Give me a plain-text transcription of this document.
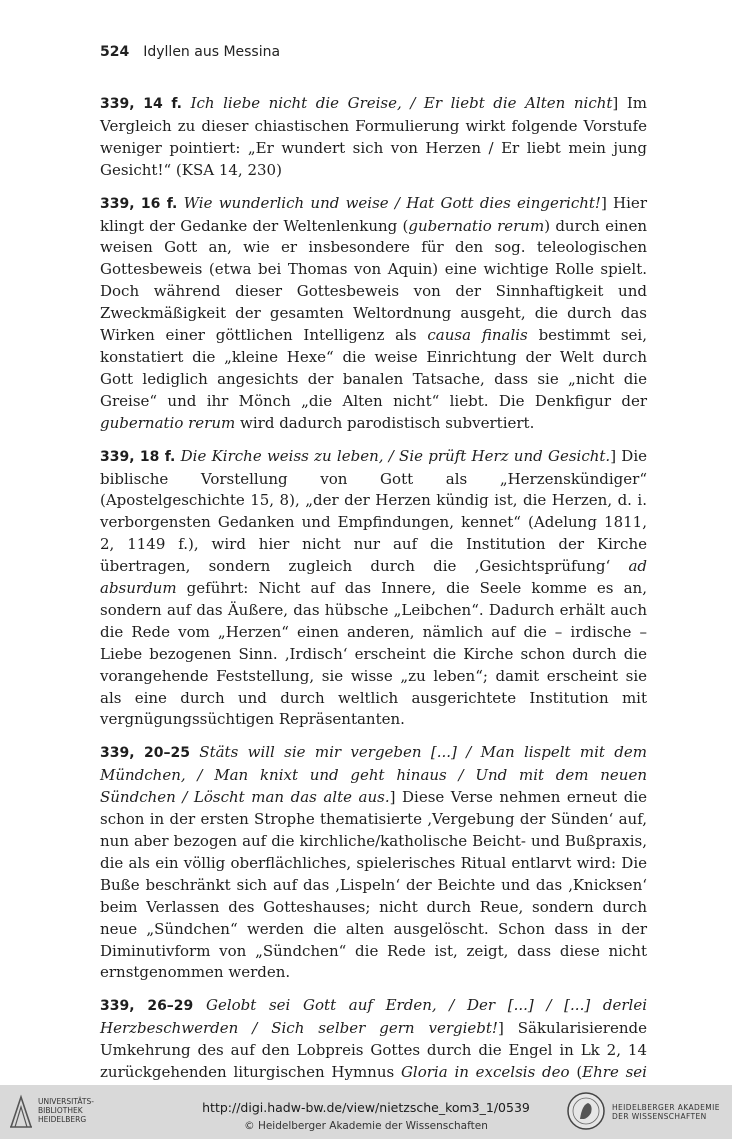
524 Idyllen aus Messina

339, 14 f. Ich liebe nicht die Greise, / Er liebt die Alten nicht] Im Vergleich zu dieser chiastischen Formulierung wirkt folgende Vorstufe weniger pointiert: „Er wundert sich von Herzen / Er liebt mein jung Gesicht!“ (KSA 14, 230)

339, 16 f. Wie wunderlich und weise / Hat Gott dies eingericht!] Hier klingt der Gedanke der Weltenlenkung (gubernatio rerum) durch einen weisen Gott an, wie er insbesondere für den sog. teleologischen Gottesbeweis (etwa bei Thomas von Aquin) eine wichtige Rolle spielt. Doch während dieser Gottesbeweis von der Sinnhaftigkeit und Zweckmäßigkeit der gesamten Weltordnung ausgeht, die durch das Wirken einer göttlichen Intelligenz als causa finalis bestimmt sei, konstatiert die „kleine Hexe“ die weise Einrichtung der Welt durch Gott lediglich angesichts der banalen Tatsache, dass sie „nicht die Greise“ und ihr Mönch „die Alten nicht“ liebt. Die Denkfigur der gubernatio rerum wird dadurch parodistisch subvertiert.

339, 18 f. Die Kirche weiss zu leben, / Sie prüft Herz und Gesicht.] Die biblische Vorstellung von Gott als „Herzenskündiger“ (Apostelgeschichte 15, 8), „der der Herzen kündig ist, die Herzen, d. i. verborgensten Gedanken und Empfindungen, kennet“ (Adelung 1811, 2, 1149 f.), wird hier nicht nur auf die Institution der Kirche übertragen, sondern zugleich durch die ‚Gesichtsprüfung‘ ad absurdum geführt: Nicht auf das Innere, die Seele komme es an, sondern auf das Äußere, das hübsche „Leibchen“. Dadurch erhält auch die Rede vom „Herzen“ einen anderen, nämlich auf die – irdische – Liebe bezogenen Sinn. ‚Irdisch‘ erscheint die Kirche schon durch die vorangehende Feststellung, sie wisse „zu leben“; damit erscheint sie als eine durch und durch weltlich ausgerichtete Institution mit vergnügungssüchtigen Repräsentanten.

339, 20–25 Stäts will sie mir vergeben [...] / Man lispelt mit dem Mündchen, / Man knixt und geht hinaus / Und mit dem neuen Sündchen / Löscht man das alte aus.] Diese Verse nehmen erneut die schon in der ersten Strophe thematisierte ‚Vergebung der Sünden‘ auf, nun aber bezogen auf die kirchliche/katholische Beicht- und Bußpraxis, die als ein völlig oberflächliches, spielerisches Ritual entlarvt wird: Die Buße beschränkt sich auf das ‚Lispeln‘ der Beichte und das ‚Knicksen‘ beim Verlassen des Gotteshauses; nicht durch Reue, sondern durch neue „Sündchen“ werden die alten ausgelöscht. Schon dass in der Diminutivform von „Sündchen“ die Rede ist, zeigt, dass diese nicht ernstgenommen werden.

339, 26–29 Gelobt sei Gott auf Erden, / Der [...] / [...] derlei Herzbeschwerden / Sich selber gern vergiebt!] Säkularisierende Umkehrung des auf den Lobpreis Gottes durch die Engel in Lk 2, 14 zurückgehenden liturgischen Hymnus Gloria in excelsis deo (Ehre sei

UNIVERSITÄTS-
BIBLIOTHEK
HEIDELBERG
http://digi.hadw-bw.de/view/nietzsche_kom3_1/0539
© Heidelberger Akademie der Wissenschaften
HEIDELBERGER AKADEMIE
DER WISSENSCHAFTEN
